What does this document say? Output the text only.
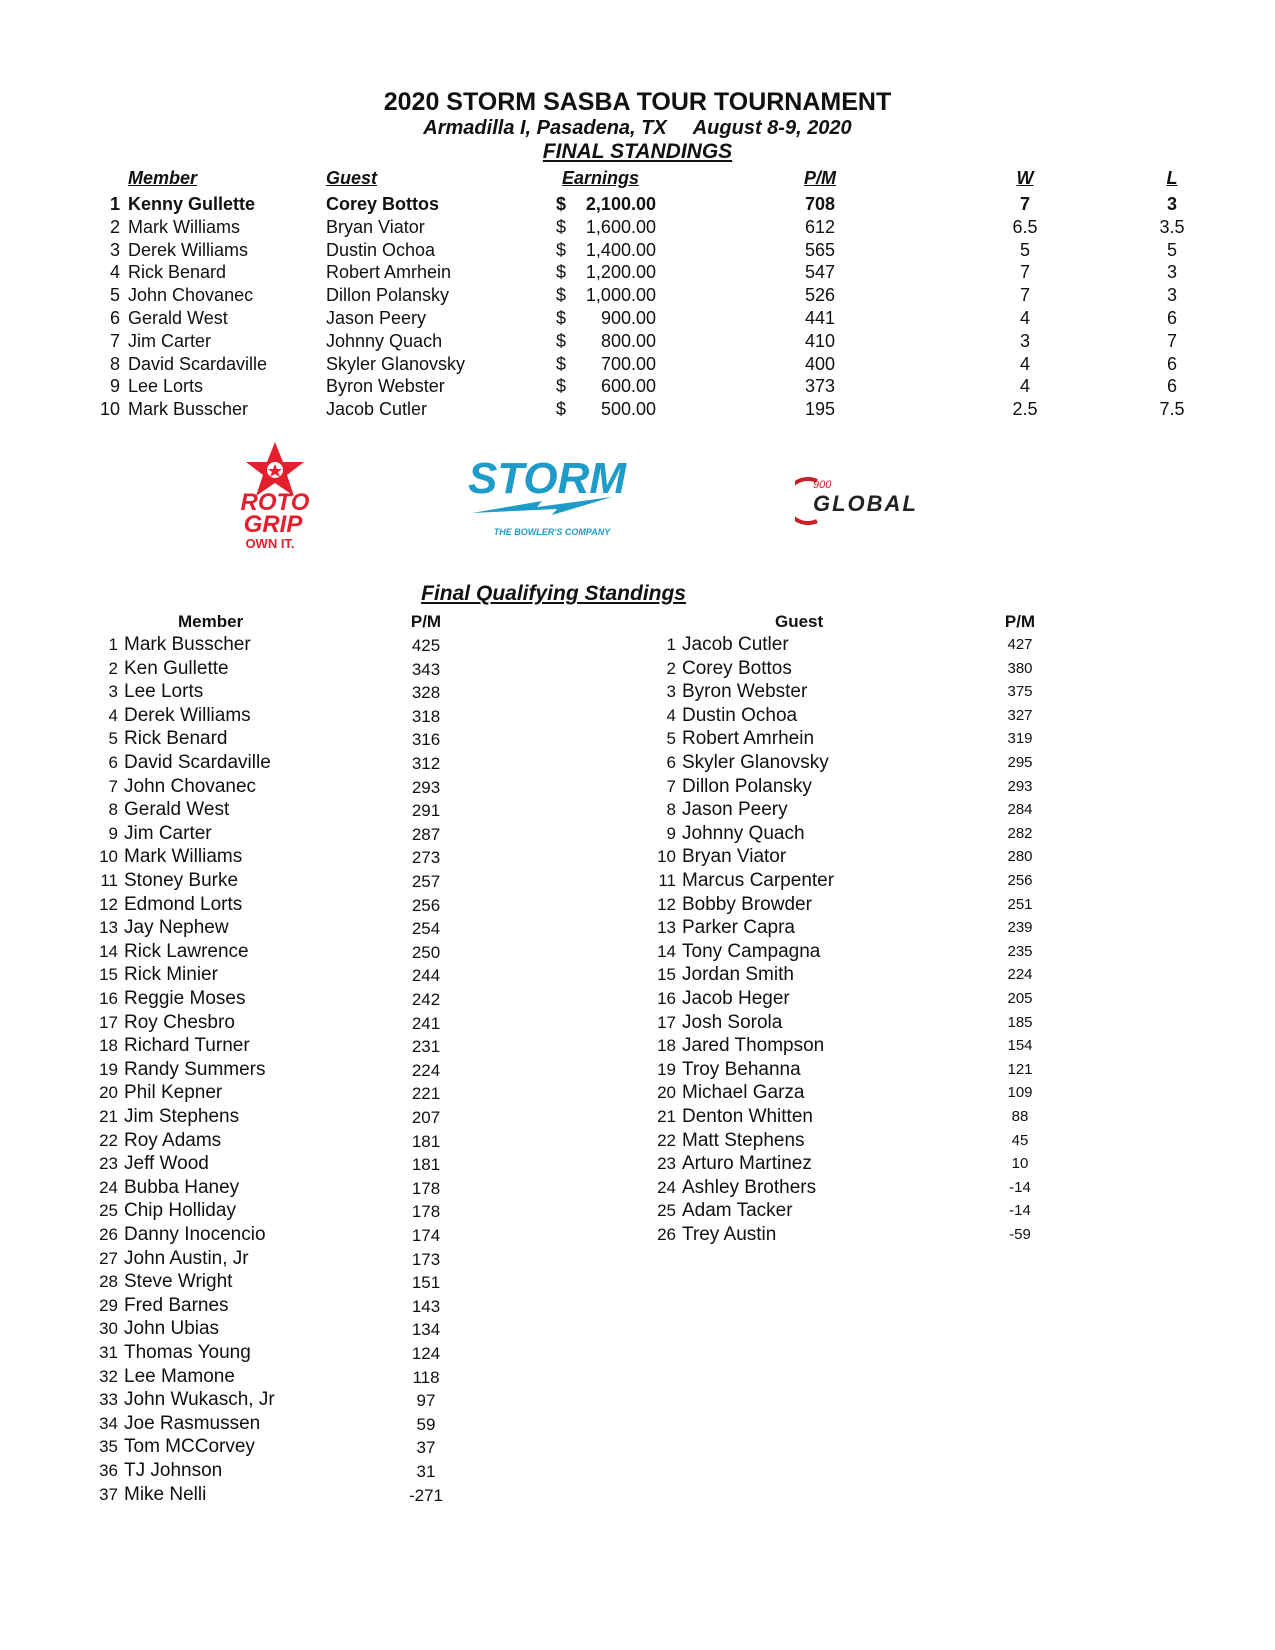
2020 STORM SASBA TOUR TOURNAMENT
Armadilla I, Pasadena, TX August 8-9, 2020
FINAL STANDINGS
Member	Guest	Earnings	P/M	W	L
1 Kenny Gullette	Corey Bottos	$	2,100.00	708	7	3
2 Mark Williams	Bryan Viator	$	1,600.00	612	6.5	3.5
3 Derek Williams	Dustin Ochoa	$	1,400.00	565	5	5
4 Rick Benard	Robert Amrhein	$	1,200.00	547	7	3
5 John Chovanec	Dillon Polansky	$	1,000.00	526	7	3
6 Gerald West	Jason Peery	$	900.00	441	4	6
7 Jim Carter	Johnny Quach	$	800.00	410	3	7
8 David Scardaville	Skyler Glanovsky	$	700.00	400	4	6
9 Lee Lorts	Byron Webster	$	600.00	373	4	6
10 Mark Busscher	Jacob Cutler	$	500.00	195	2.5	7.5
ROTO
GRIP
OWN IT.
STORM
THE BOWLER'S COMPANY
900
GLOBAL
Final Qualifying Standings
Member	P/M	Guest	P/M
1 Mark Busscher	425
2 Ken Gullette	343
3 Lee Lorts	328
4 Derek Williams	318
5 Rick Benard	316
6 David Scardaville	312
7 John Chovanec	293
8 Gerald West	291
9 Jim Carter	287
10 Mark Williams	273
11 Stoney Burke	257
12 Edmond Lorts	256
13 Jay Nephew	254
14 Rick Lawrence	250
15 Rick Minier	244
16 Reggie Moses	242
17 Roy Chesbro	241
18 Richard Turner	231
19 Randy Summers	224
20 Phil Kepner	221
21 Jim Stephens	207
22 Roy Adams	181
23 Jeff Wood	181
24 Bubba Haney	178
25 Chip Holliday	178
26 Danny Inocencio	174
27 John Austin, Jr	173
28 Steve Wright	151
29 Fred Barnes	143
30 John Ubias	134
31 Thomas Young	124
32 Lee Mamone	118
33 John Wukasch, Jr	97
34 Joe Rasmussen	59
35 Tom MCCorvey	37
36 TJ Johnson	31
37 Mike Nelli	-271
1 Jacob Cutler	427
2 Corey Bottos	380
3 Byron Webster	375
4 Dustin Ochoa	327
5 Robert Amrhein	319
6 Skyler Glanovsky	295
7 Dillon Polansky	293
8 Jason Peery	284
9 Johnny Quach	282
10 Bryan Viator	280
11 Marcus Carpenter	256
12 Bobby Browder	251
13 Parker Capra	239
14 Tony Campagna	235
15 Jordan Smith	224
16 Jacob Heger	205
17 Josh Sorola	185
18 Jared Thompson	154
19 Troy Behanna	121
20 Michael Garza	109
21 Denton Whitten	88
22 Matt Stephens	45
23 Arturo Martinez	10
24 Ashley Brothers	-14
25 Adam Tacker	-14
26 Trey Austin	-59
